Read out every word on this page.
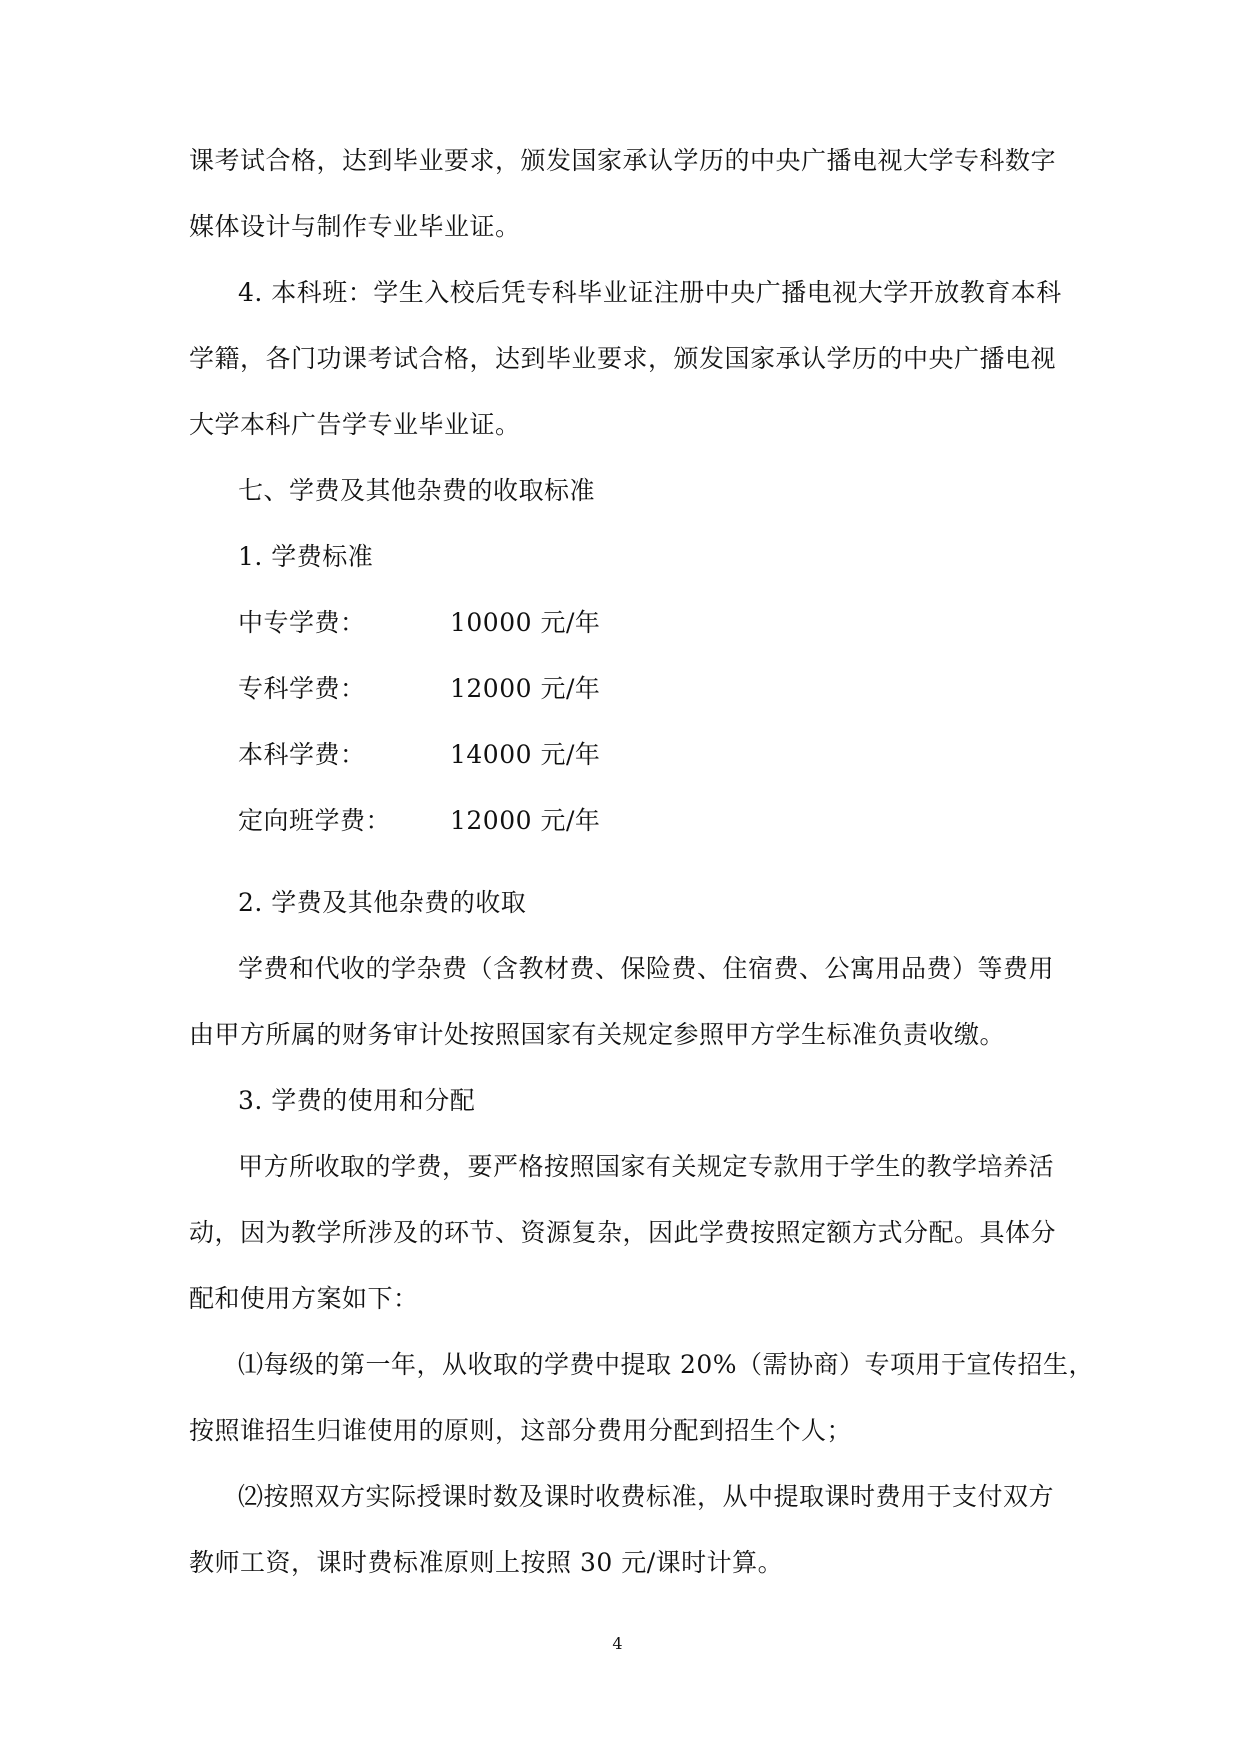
课考试合格，达到毕业要求，颁发国家承认学历的中央广播电视大学专科数字
媒体设计与制作专业毕业证。
4. 本科班：学生入校后凭专科毕业证注册中央广播电视大学开放教育本科
学籍，各门功课考试合格，达到毕业要求，颁发国家承认学历的中央广播电视
大学本科广告学专业毕业证。
七、学费及其他杂费的收取标准
1. 学费标准
中专学费：	10000 元/年
专科学费：	12000 元/年
本科学费：	14000 元/年
定向班学费： 12000 元/年
2. 学费及其他杂费的收取
学费和代收的学杂费（含教材费、保险费、住宿费、公寓用品费）等费用
由甲方所属的财务审计处按照国家有关规定参照甲方学生标准负责收缴。
3. 学费的使用和分配
甲方所收取的学费，要严格按照国家有关规定专款用于学生的教学培养活
动，因为教学所涉及的环节、资源复杂，因此学费按照定额方式分配。具体分
配和使用方案如下：
⑴每级的第一年，从收取的学费中提取 20%（需协商）专项用于宣传招生，
按照谁招生归谁使用的原则，这部分费用分配到招生个人；
⑵按照双方实际授课时数及课时收费标准，从中提取课时费用于支付双方
教师工资，课时费标准原则上按照 30 元/课时计算。
4
